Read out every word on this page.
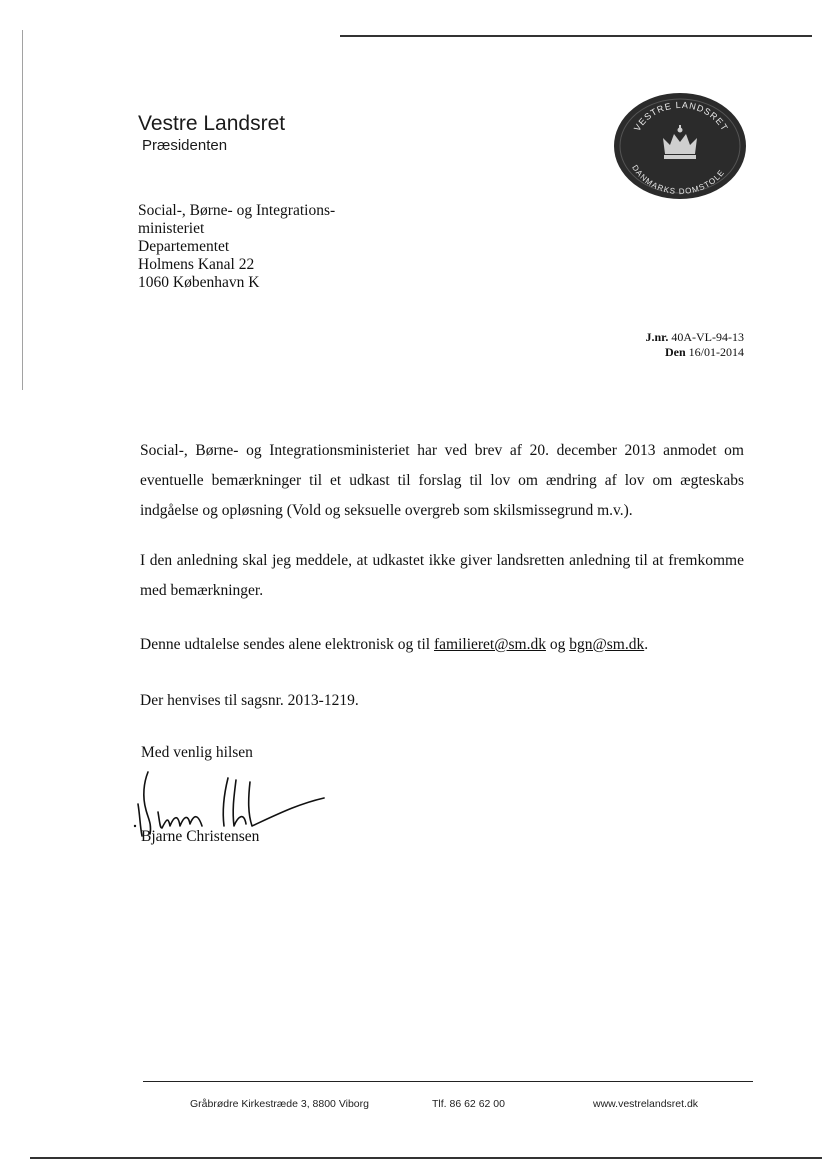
Vestre Landsret
Præsidenten
VESTRE LANDSRET
DANMARKS DOMSTOLE
Social-, Børne- og Integrations-
ministeriet
Departementet
Holmens Kanal 22
1060 København K
J.nr. 40A-VL-94-13
Den 16/01-2014
Social-, Børne- og Integrationsministeriet har ved brev af 20. december 2013 anmodet om eventuelle bemærkninger til et udkast til forslag til lov om ændring af lov om ægteskabs indgåelse og opløsning (Vold og seksuelle overgreb som skilsmissegrund m.v.).
I den anledning skal jeg meddele, at udkastet ikke giver landsretten anledning til at fremkomme med bemærkninger.
Denne udtalelse sendes alene elektronisk og til familieret@sm.dk og bgn@sm.dk.
Der henvises til sagsnr. 2013-1219.
Med venlig hilsen
Bjarne Christensen
Gråbrødre Kirkestræde 3, 8800 Viborg	Tlf. 86 62 62 00	www.vestrelandsret.dk
